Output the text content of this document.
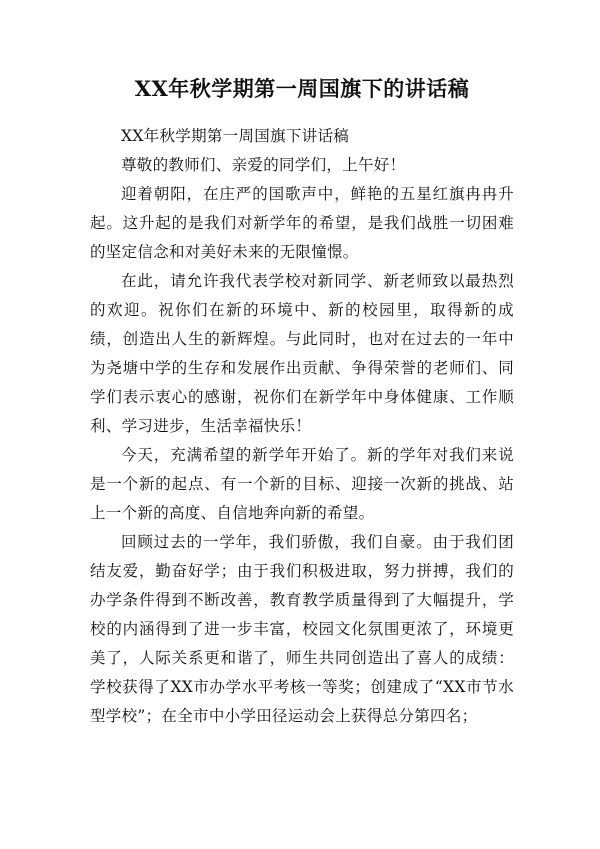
XX年秋学期第一周国旗下的讲话稿

XX年秋学期第一周国旗下讲话稿

尊敬的教师们、亲爱的同学们，上午好！

迎着朝阳，在庄严的国歌声中，鲜艳的五星红旗冉冉升起。这升起的是我们对新学年的希望，是我们战胜一切困难的坚定信念和对美好未来的无限憧憬。

在此，请允许我代表学校对新同学、新老师致以最热烈的欢迎。祝你们在新的环境中、新的校园里，取得新的成绩，创造出人生的新辉煌。与此同时，也对在过去的一年中为尧塘中学的生存和发展作出贡献、争得荣誉的老师们、同学们表示衷心的感谢，祝你们在新学年中身体健康、工作顺利、学习进步，生活幸福快乐！

今天，充满希望的新学年开始了。新的学年对我们来说是一个新的起点、有一个新的目标、迎接一次新的挑战、站上一个新的高度、自信地奔向新的希望。

回顾过去的一学年，我们骄傲，我们自豪。由于我们团结友爱，勤奋好学；由于我们积极进取，努力拼搏，我们的办学条件得到不断改善，教育教学质量得到了大幅提升，学校的内涵得到了进一步丰富，校园文化氛围更浓了，环境更美了，人际关系更和谐了，师生共同创造出了喜人的成绩：学校获得了XX市办学水平考核一等奖；创建成了“XX市节水型学校”；在全市中小学田径运动会上获得总分第四名；
